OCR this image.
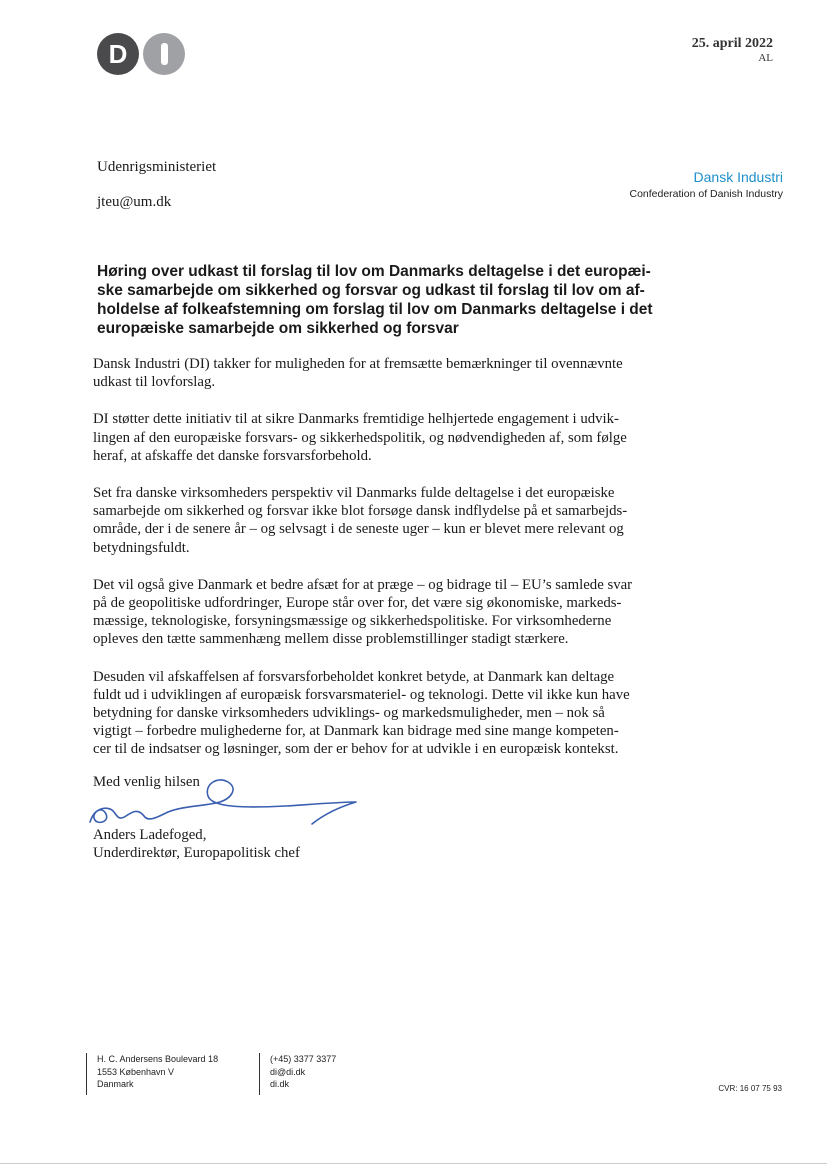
D	25. april 2022
AL
Udenrigsministeriet
jteu@um.dk
Dansk Industri
Confederation of Danish Industry
Høring over udkast til forslag til lov om Danmarks deltagelse i det europæi-
ske samarbejde om sikkerhed og forsvar og udkast til forslag til lov om af-
holdelse af folkeafstemning om forslag til lov om Danmarks deltagelse i det
europæiske samarbejde om sikkerhed og forsvar

Dansk Industri (DI) takker for muligheden for at fremsætte bemærkninger til ovennævnte
udkast til lovforslag.

DI støtter dette initiativ til at sikre Danmarks fremtidige helhjertede engagement i udvik-
lingen af den europæiske forsvars- og sikkerhedspolitik, og nødvendigheden af, som følge
heraf, at afskaffe det danske forsvarsforbehold.

Set fra danske virksomheders perspektiv vil Danmarks fulde deltagelse i det europæiske
samarbejde om sikkerhed og forsvar ikke blot forsøge dansk indflydelse på et samarbejds-
område, der i de senere år – og selvsagt i de seneste uger – kun er blevet mere relevant og
betydningsfuldt.

Det vil også give Danmark et bedre afsæt for at præge – og bidrage til – EU’s samlede svar
på de geopolitiske udfordringer, Europe står over for, det være sig økonomiske, markeds-
mæssige, teknologiske, forsyningsmæssige og sikkerhedspolitiske. For virksomhederne
opleves den tætte sammenhæng mellem disse problemstillinger stadigt stærkere.

Desuden vil afskaffelsen af forsvarsforbeholdet konkret betyde, at Danmark kan deltage
fuldt ud i udviklingen af europæisk forsvarsmateriel- og teknologi. Dette vil ikke kun have
betydning for danske virksomheders udviklings- og markedsmuligheder, men – nok så
vigtigt – forbedre mulighederne for, at Danmark kan bidrage med sine mange kompeten-
cer til de indsatser og løsninger, som der er behov for at udvikle i en europæisk kontekst.

Med venlig hilsen
Anders Ladefoged,
Underdirektør, Europapolitisk chef
H. C. Andersens Boulevard 18
1553 København V
Danmark
(+45) 3377 3377
di@di.dk
di.dk	CVR: 16 07 75 93
